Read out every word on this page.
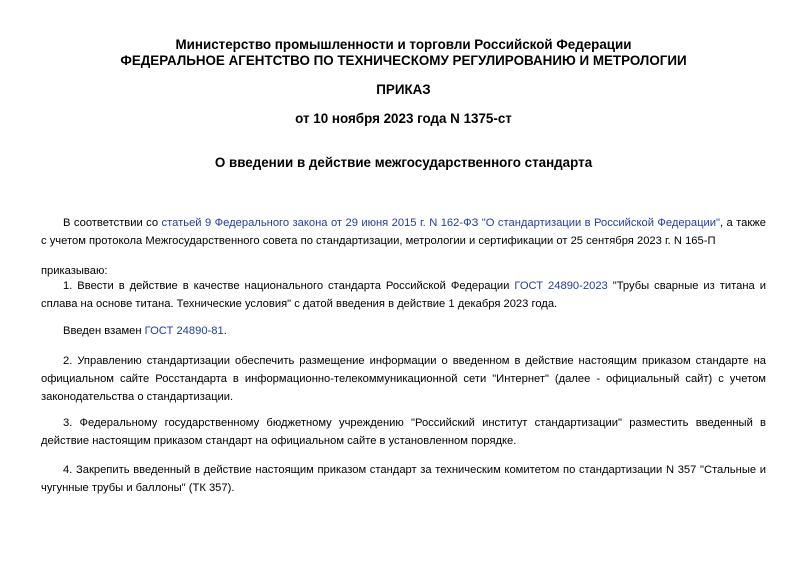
Министерство промышленности и торговли Российской Федерации
ФЕДЕРАЛЬНОЕ АГЕНТСТВО ПО ТЕХНИЧЕСКОМУ РЕГУЛИРОВАНИЮ И МЕТРОЛОГИИ
ПРИКАЗ
от 10 ноября 2023 года N 1375-ст
О введении в действие межгосударственного стандарта
В соответствии со статьей 9 Федерального закона от 29 июня 2015 г. N 162-ФЗ "О стандартизации в Российской Федерации", а также с учетом протокола Межгосударственного совета по стандартизации, метрологии и сертификации от 25 сентября 2023 г. N 165-П
приказываю:
1. Ввести в действие в качестве национального стандарта Российской Федерации ГОСТ 24890-2023 "Трубы сварные из титана и сплава на основе титана. Технические условия" с датой введения в действие 1 декабря 2023 года.
Введен взамен ГОСТ 24890-81.
2. Управлению стандартизации обеспечить размещение информации о введенном в действие настоящим приказом стандарте на официальном сайте Росстандарта в информационно-телекоммуникационной сети "Интернет" (далее - официальный сайт) с учетом законодательства о стандартизации.
3. Федеральному государственному бюджетному учреждению "Российский институт стандартизации" разместить введенный в действие настоящим приказом стандарт на официальном сайте в установленном порядке.
4. Закрепить введенный в действие настоящим приказом стандарт за техническим комитетом по стандартизации N 357 "Стальные и чугунные трубы и баллоны" (ТК 357).
